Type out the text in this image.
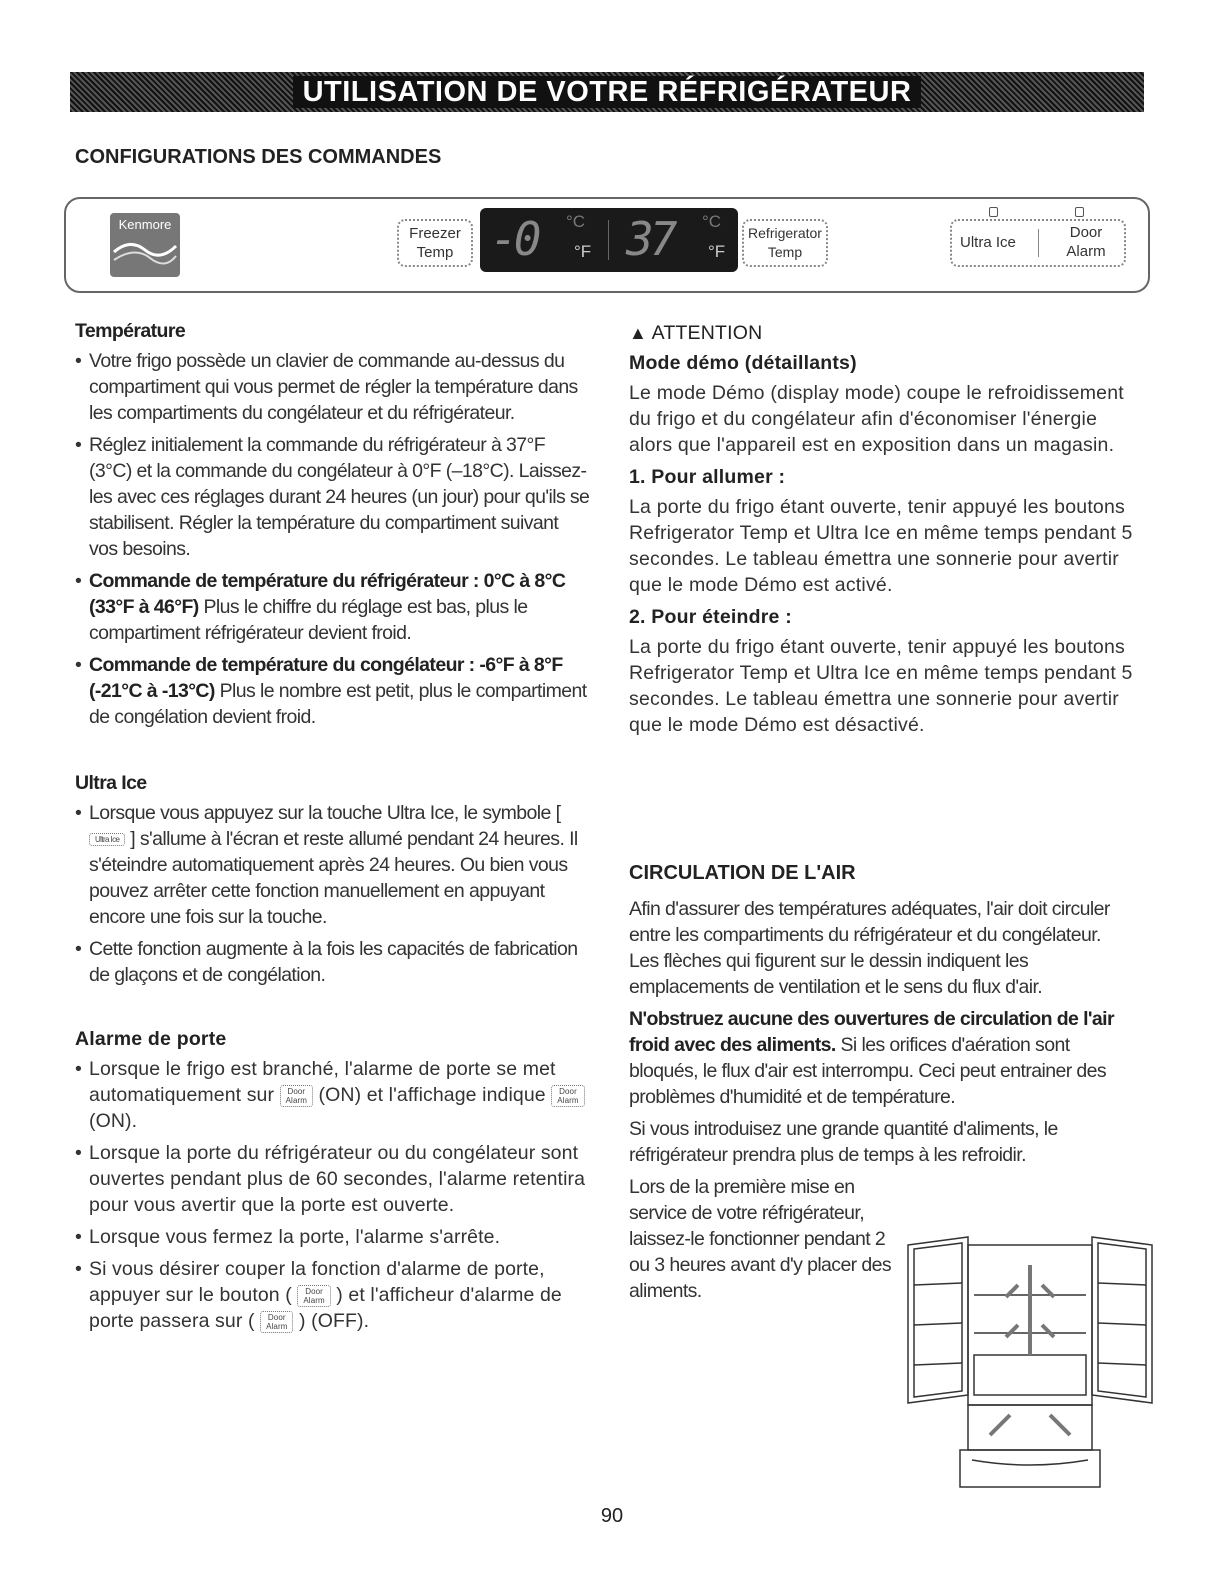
UTILISATION DE VOTRE RÉFRIGÉRATEUR
CONFIGURATIONS DES COMMANDES
Kenmore
Freezer
Temp -0 °C
°F 37 °C
°F
Refrigerator
Temp
Ultra Ice
Door
Alarm
Température
• Votre frigo possède un clavier de commande au-dessus du compartiment qui vous permet de régler la température dans les compartiments du congélateur et du réfrigérateur.
• Réglez initialement la commande du réfrigérateur à 37°F (3°C) et la commande du congélateur à 0°F (–18°C). Laissez-les avec ces réglages durant 24 heures (un jour) pour qu'ils se stabilisent. Régler la température du compartiment suivant vos besoins.
• Commande de température du réfrigérateur : 0°C à 8°C (33°F à 46°F) Plus le chiffre du réglage est bas, plus le compartiment réfrigérateur devient froid.
• Commande de température du congélateur : -6°F à 8°F (-21°C à -13°C) Plus le nombre est petit, plus le compartiment de congélation devient froid.
Ultra Ice
• Lorsque vous appuyez sur la touche Ultra Ice, le symbole [ Ultra Ice ] s'allume à l'écran et reste allumé pendant 24 heures. Il s'éteindre automatiquement après 24 heures. Ou bien vous pouvez arrêter cette fonction manuellement en appuyant encore une fois sur la touche.
• Cette fonction augmente à la fois les capacités de fabrication de glaçons et de congélation.
Alarme de porte
• Lorsque le frigo est branché, l'alarme de porte se met automatiquement sur Door
Alarm (ON) et l'affichage indique Door
Alarm (ON).
• Lorsque la porte du réfrigérateur ou du congélateur sont ouvertes pendant plus de 60 secondes, l'alarme retentira pour vous avertir que la porte est ouverte.
• Lorsque vous fermez la porte, l'alarme s'arrête.
• Si vous désirer couper la fonction d'alarme de porte, appuyer sur le bouton ( Door
Alarm ) et l'afficheur d'alarme de porte passera sur ( Door
Alarm ) (OFF).
▲ ATTENTION
Mode démo (détaillants)

Le mode Démo (display mode) coupe le refroidissement du frigo et du congélateur afin d'économiser l'énergie alors que l'appareil est en exposition dans un magasin.

1. Pour allumer :

La porte du frigo étant ouverte, tenir appuyé les boutons Refrigerator Temp et Ultra Ice en même temps pendant 5 secondes. Le tableau émettra une sonnerie pour avertir que le mode Démo est activé.

2. Pour éteindre :

La porte du frigo étant ouverte, tenir appuyé les boutons Refrigerator Temp et Ultra Ice en même temps pendant 5 secondes. Le tableau émettra une sonnerie pour avertir que le mode Démo est désactivé.

CIRCULATION DE L'AIR

Afin d'assurer des températures adéquates, l'air doit circuler entre les compartiments du réfrigérateur et du congélateur. Les flèches qui figurent sur le dessin indiquent les emplacements de ventilation et le sens du flux d'air.

N'obstruez aucune des ouvertures de circulation de l'air froid avec des aliments. Si les orifices d'aération sont bloqués, le flux d'air est interrompu. Ceci peut entrainer des problèmes d'humidité et de température.

Si vous introduisez une grande quantité d'aliments, le réfrigérateur prendra plus de temps à les refroidir.

Lors de la première mise en service de votre réfrigérateur, laissez-le fonctionner pendant 2 ou 3 heures avant d'y placer des aliments.

90
